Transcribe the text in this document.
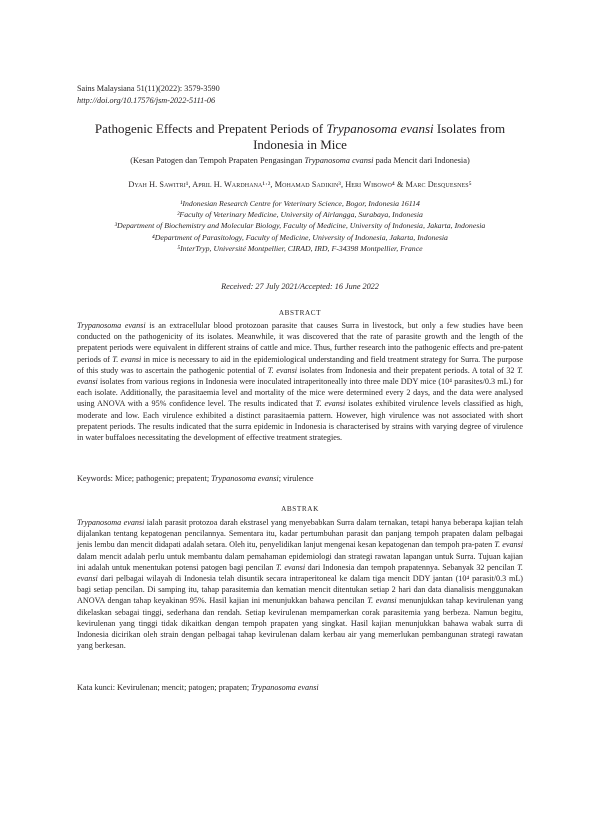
Sains Malaysiana 51(11)(2022): 3579-3590
http://doi.org/10.17576/jsm-2022-5111-06
Pathogenic Effects and Prepatent Periods of Trypanosoma evansi Isolates from Indonesia in Mice
(Kesan Patogen dan Tempoh Prapaten Pengasingan Trypanosoma cvansi pada Mencit dari Indonesia)
Dyah H. Sawitri¹, April H. Wardhana¹·², Mohamad Sadikin³, Heri Wibowo⁴ & Marc Desquesnes⁵
¹Indonesian Research Centre for Veterinary Science, Bogor, Indonesia 16114
²Faculty of Veterinary Medicine, University of Airlangga, Surabaya, Indonesia
³Department of Biochemistry and Molecular Biology, Faculty of Medicine, University of Indonesia, Jakarta, Indonesia
⁴Department of Parasitology, Faculty of Medicine, University of Indonesia, Jakarta, Indonesia
⁵InterTryp, Université Montpellier, CIRAD, IRD, F-34398 Montpellier, France
Received: 27 July 2021/Accepted: 16 June 2022
ABSTRACT
Trypanosoma evansi is an extracellular blood protozoan parasite that causes Surra in livestock, but only a few studies have been conducted on the pathogenicity of its isolates. Meanwhile, it was discovered that the rate of parasite growth and the length of the prepatent periods were equivalent in different strains of cattle and mice. Thus, further research into the pathogenic effects and pre-patent periods of T. evansi in mice is necessary to aid in the epidemiological understanding and field treatment strategy for Surra. The purpose of this study was to ascertain the pathogenic potential of T. evansi isolates from Indonesia and their prepatent periods. A total of 32 T. evansi isolates from various regions in Indonesia were inoculated intraperitoneally into three male DDY mice (10⁴ parasites/0.3 mL) for each isolate. Additionally, the parasitaemia level and mortality of the mice were determined every 2 days, and the data were analysed using ANOVA with a 95% confidence level. The results indicated that T. evansi isolates exhibited virulence levels classified as high, moderate and low. Each virulence exhibited a distinct parasitaemia pattern. However, high virulence was not associated with short prepatent periods. The results indicated that the surra epidemic in Indonesia is characterised by strains with varying degree of virulence in water buffaloes necessitating the development of effective treatment strategies.
Keywords: Mice; pathogenic; prepatent; Trypanosoma evansi; virulence
ABSTRAK
Trypanosoma evansi ialah parasit protozoa darah ekstrasel yang menyebabkan Surra dalam ternakan, tetapi hanya beberapa kajian telah dijalankan tentang kepatogenan pencilannya. Sementara itu, kadar pertumbuhan parasit dan panjang tempoh prapaten dalam pelbagai jenis lembu dan mencit didapati adalah setara. Oleh itu, penyelidikan lanjut mengenai kesan kepatogenan dan tempoh pra-paten T. evansi dalam mencit adalah perlu untuk membantu dalam pemahaman epidemiologi dan strategi rawatan lapangan untuk Surra. Tujuan kajian ini adalah untuk menentukan potensi patogen bagi pencilan T. evansi dari Indonesia dan tempoh prapatennya. Sebanyak 32 pencilan T. evansi dari pelbagai wilayah di Indonesia telah disuntik secara intraperitoneal ke dalam tiga mencit DDY jantan (10⁴ parasit/0.3 mL) bagi setiap pencilan. Di samping itu, tahap parasitemia dan kematian mencit ditentukan setiap 2 hari dan data dianalisis menggunakan ANOVA dengan tahap keyakinan 95%. Hasil kajian ini menunjukkan bahawa pencilan T. evansi menunjukkan tahap kevirulenan yang dikelaskan sebagai tinggi, sederhana dan rendah. Setiap kevirulenan mempamerkan corak parasitemia yang berbeza. Namun begitu, kevirulenan yang tinggi tidak dikaitkan dengan tempoh prapaten yang singkat. Hasil kajian menunjukkan bahawa wabak surra di Indonesia dicirikan oleh strain dengan pelbagai tahap kevirulenan dalam kerbau air yang memerlukan pembangunan strategi rawatan yang berkesan.
Kata kunci: Kevirulenan; mencit; patogen; prapaten; Trypanosoma evansi
